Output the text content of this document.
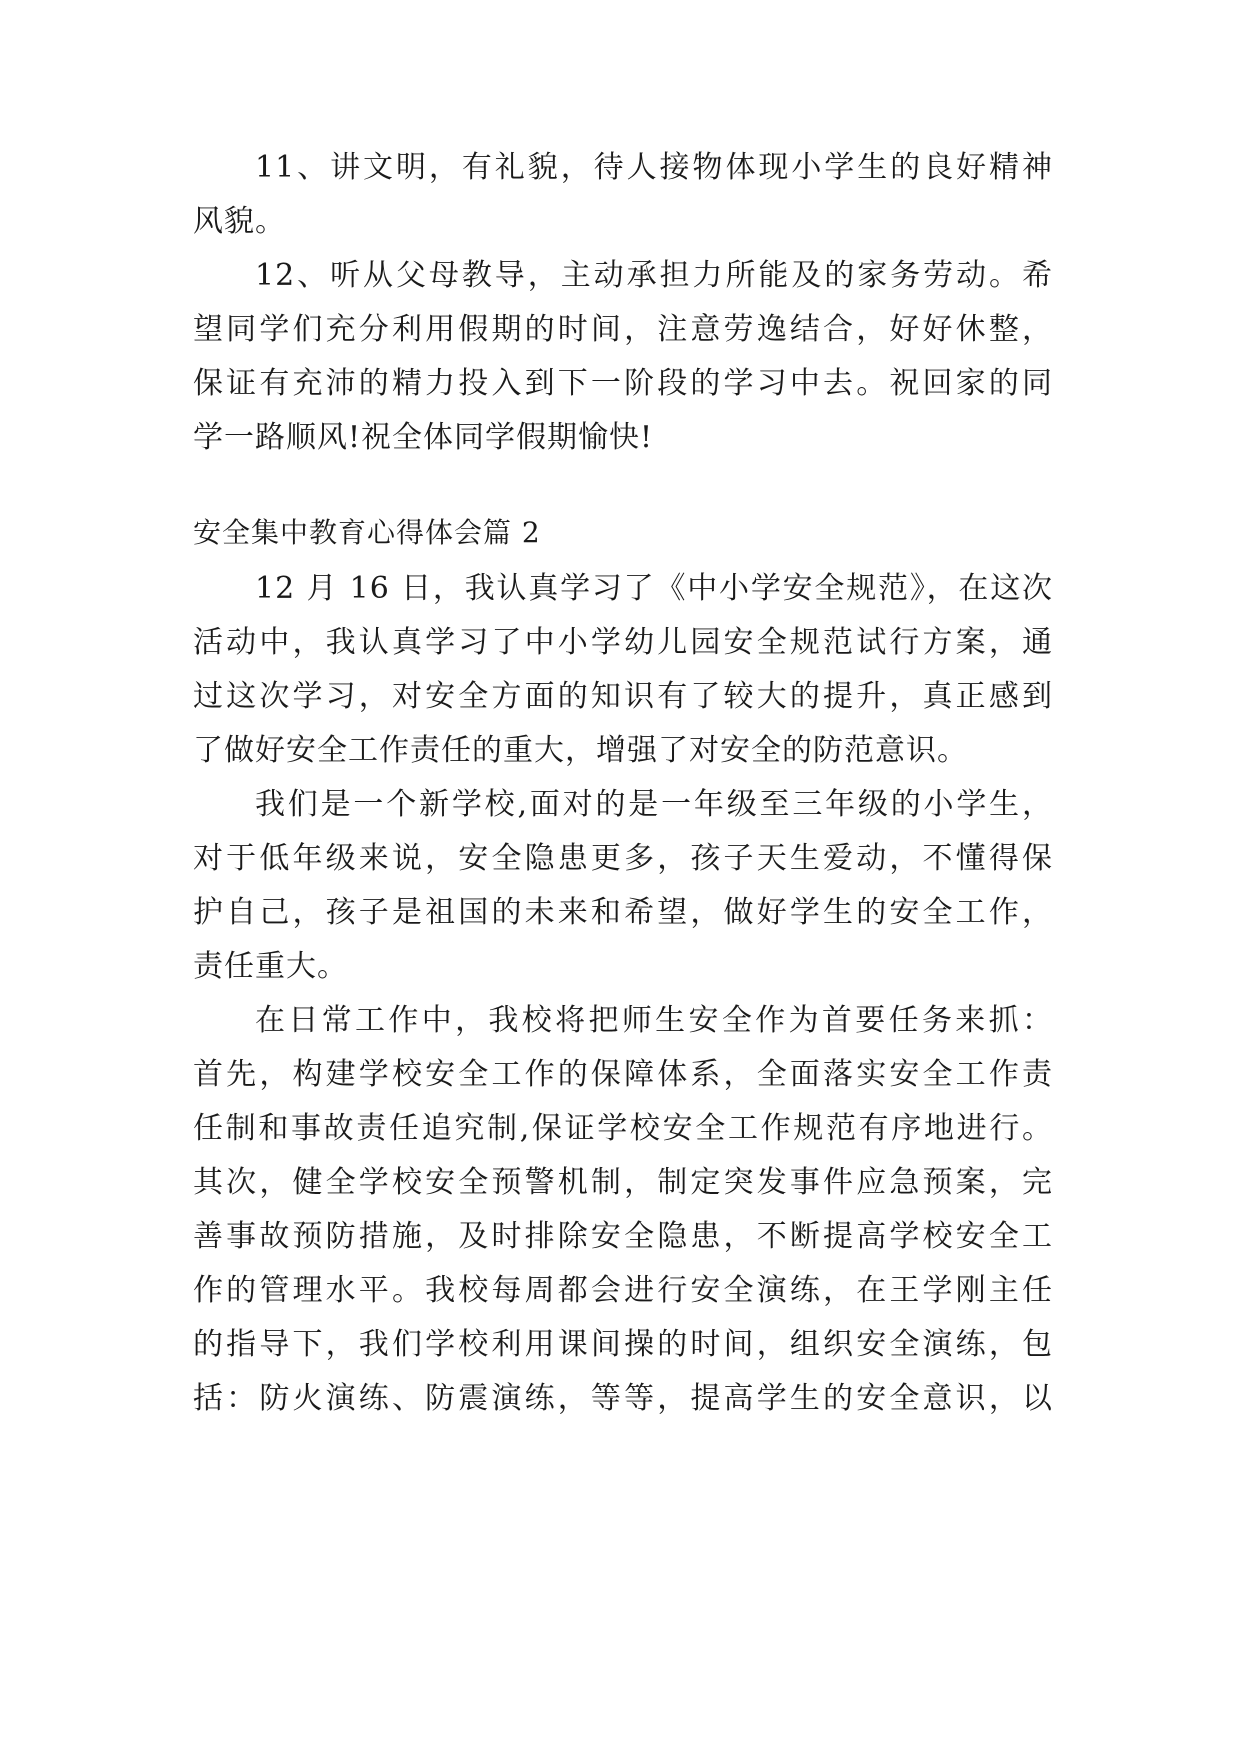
11、讲文明，有礼貌，待人接物体现小学生的良好精神
风貌。
12、听从父母教导，主动承担力所能及的家务劳动。希
望同学们充分利用假期的时间，注意劳逸结合，好好休整，
保证有充沛的精力投入到下一阶段的学习中去。祝回家的同
学一路顺风!祝全体同学假期愉快!
安全集中教育心得体会篇 2
12 月 16 日，我认真学习了《中小学安全规范》，在这次
活动中，我认真学习了中小学幼儿园安全规范试行方案，通
过这次学习，对安全方面的知识有了较大的提升，真正感到
了做好安全工作责任的重大，增强了对安全的防范意识。
我们是一个新学校,面对的是一年级至三年级的小学生，
对于低年级来说，安全隐患更多，孩子天生爱动，不懂得保
护自己，孩子是祖国的未来和希望，做好学生的安全工作，
责任重大。
在日常工作中，我校将把师生安全作为首要任务来抓：
首先，构建学校安全工作的保障体系，全面落实安全工作责
任制和事故责任追究制,保证学校安全工作规范有序地进行。
其次，健全学校安全预警机制，制定突发事件应急预案，完
善事故预防措施，及时排除安全隐患，不断提高学校安全工
作的管理水平。我校每周都会进行安全演练，在王学刚主任
的指导下，我们学校利用课间操的时间，组织安全演练，包
括：防火演练、防震演练，等等，提高学生的安全意识，以
